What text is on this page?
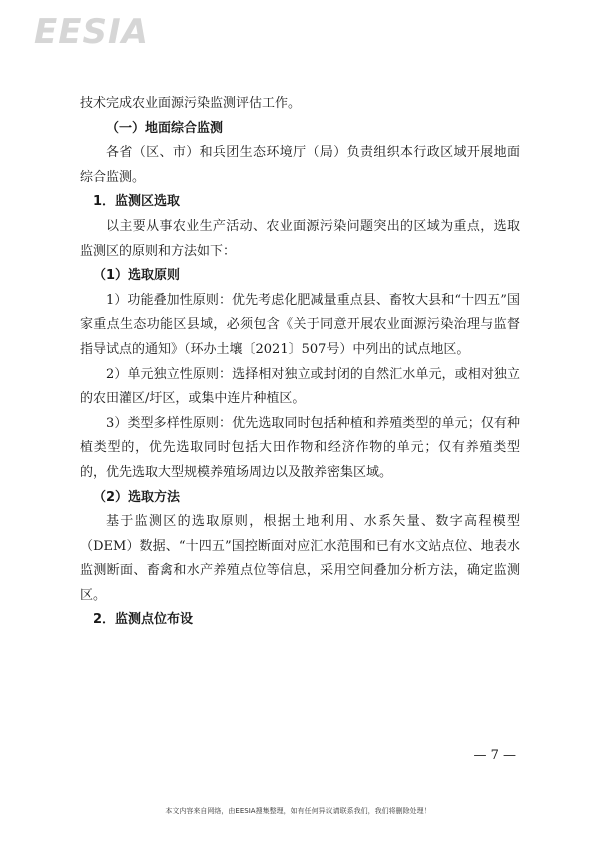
EESIA

技术完成农业面源污染监测评估工作。

（一）地面综合监测

各省（区、市）和兵团生态环境厅（局）负责组织本行政区域开展地面综合监测。

1．监测区选取

以主要从事农业生产活动、农业面源污染问题突出的区域为重点，选取监测区的原则和方法如下：

（1）选取原则

1）功能叠加性原则：优先考虑化肥减量重点县、畜牧大县和“十四五”国家重点生态功能区县域，必须包含《关于同意开展农业面源污染治理与监督指导试点的通知》（环办土壤〔2021〕507号）中列出的试点地区。

2）单元独立性原则：选择相对独立或封闭的自然汇水单元，或相对独立的农田灌区/圩区，或集中连片种植区。

3）类型多样性原则：优先选取同时包括种植和养殖类型的单元；仅有种植类型的，优先选取同时包括大田作物和经济作物的单元；仅有养殖类型的，优先选取大型规模养殖场周边以及散养密集区域。

（2）选取方法

基于监测区的选取原则，根据土地利用、水系矢量、数字高程模型（DEM）数据、“十四五”国控断面对应汇水范围和已有水文站点位、地表水监测断面、畜禽和水产养殖点位等信息，采用空间叠加分析方法，确定监测区。

2．监测点位布设

— 7 —
本文内容来自网络，由EESIA搜集整理，如有任何异议请联系我们，我们将删除处理！
